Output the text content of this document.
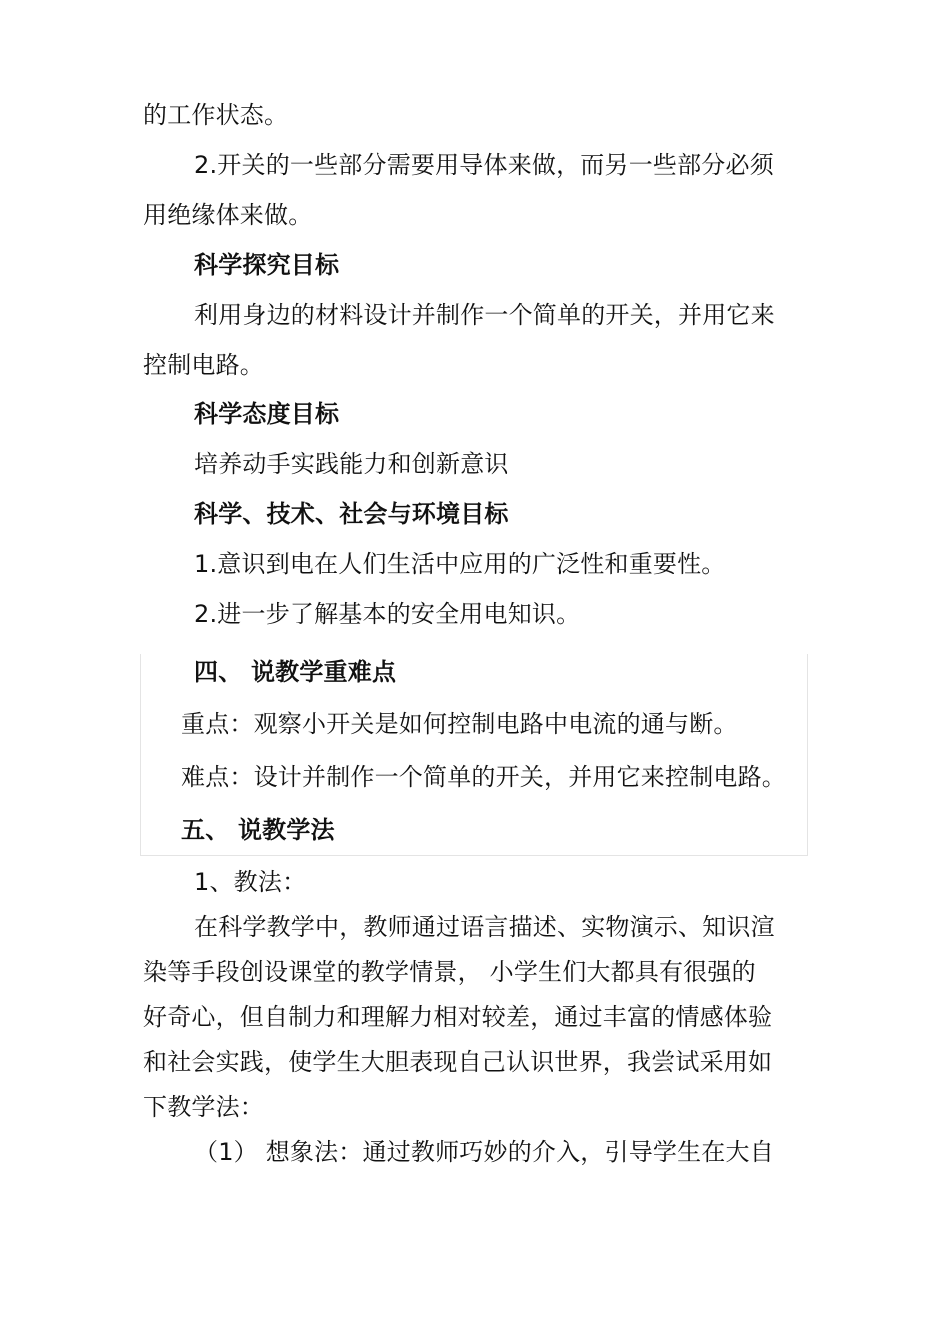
的工作状态。
2.开关的一些部分需要用导体来做，而另一些部分必须
用绝缘体来做。
科学探究目标
利用身边的材料设计并制作一个简单的开关，并用它来
控制电路。
科学态度目标
培养动手实践能力和创新意识
科学、技术、社会与环境目标
1.意识到电在人们生活中应用的广泛性和重要性。
2.进一步了解基本的安全用电知识。
四、 说教学重难点
重点：观察小开关是如何控制电路中电流的通与断。
难点：设计并制作一个简单的开关，并用它来控制电路。
五、 说教学法
1、教法：
在科学教学中，教师通过语言描述、实物演示、知识渲
染等手段创设课堂的教学情景， 小学生们大都具有很强的
好奇心，但自制力和理解力相对较差，通过丰富的情感体验
和社会实践，使学生大胆表现自己认识世界，我尝试采用如
下教学法：
（1） 想象法：通过教师巧妙的介入，引导学生在大自
